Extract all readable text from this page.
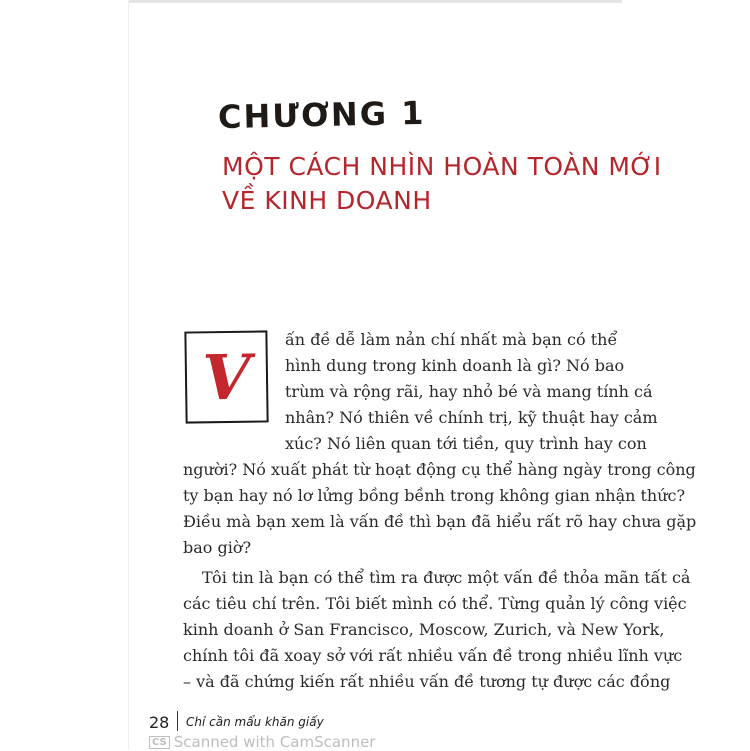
CHƯƠNG 1
MỘT CÁCH NHÌN HOÀN TOÀN MỚI
VỀ KINH DOANH
V

ấn đề dễ làm nản chí nhất mà bạn có thể

hình dung trong kinh doanh là gì? Nó bao

trùm và rộng rãi, hay nhỏ bé và mang tính cá

nhân? Nó thiên về chính trị, kỹ thuật hay cảm

xúc? Nó liên quan tới tiền, quy trình hay con

người? Nó xuất phát từ hoạt động cụ thể hàng ngày trong công

ty bạn hay nó lơ lửng bồng bềnh trong không gian nhận thức?

Điều mà bạn xem là vấn đề thì bạn đã hiểu rất rõ hay chưa gặp

bao giờ?

Tôi tin là bạn có thể tìm ra được một vấn đề thỏa mãn tất cả

các tiêu chí trên. Tôi biết mình có thể. Từng quản lý công việc

kinh doanh ở San Francisco, Moscow, Zurich, và New York,

chính tôi đã xoay sở với rất nhiều vấn đề trong nhiều lĩnh vực

– và đã chứng kiến rất nhiều vấn đề tương tự được các đồng

28 Chỉ cần mẩu khăn giấy
CS Scanned with CamScanner
